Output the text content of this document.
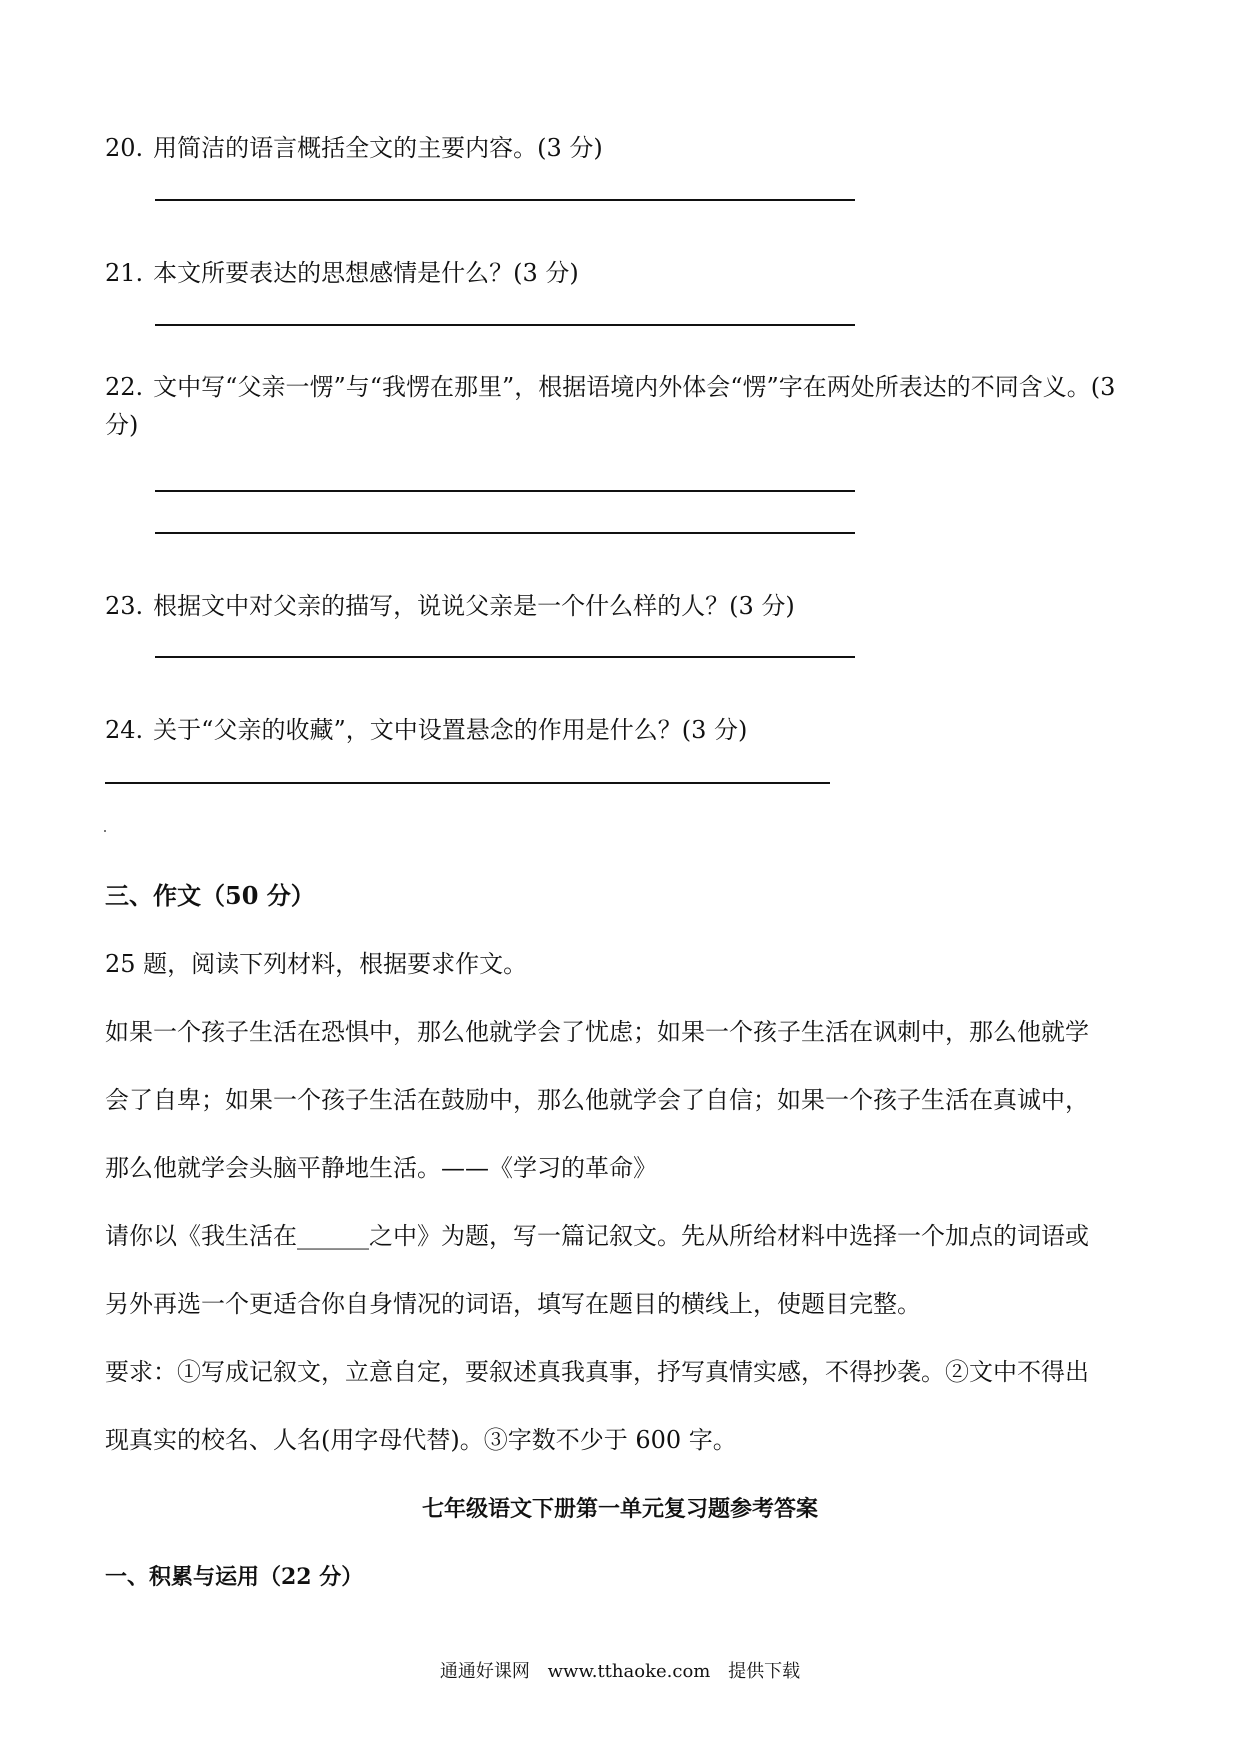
20. 用简洁的语言概括全文的主要内容。(3 分)
21. 本文所要表达的思想感情是什么？(3 分)
22. 文中写“父亲一愣”与“我愣在那里”，根据语境内外体会“愣”字在两处所表达的不同含义。(3 分)
23. 根据文中对父亲的描写，说说父亲是一个什么样的人？(3 分)
24. 关于“父亲的收藏”，文中设置悬念的作用是什么？(3 分)
三、作文（50 分）
25 题，阅读下列材料，根据要求作文。
如果一个孩子生活在恐惧中，那么他就学会了忧虑；如果一个孩子生活在讽刺中，那么他就学
会了自卑；如果一个孩子生活在鼓励中，那么他就学会了自信；如果一个孩子生活在真诚中，
那么他就学会头脑平静地生活。——《学习的革命》
请你以《我生活在______之中》为题，写一篇记叙文。先从所给材料中选择一个加点的词语或
另外再选一个更适合你自身情况的词语，填写在题目的横线上，使题目完整。
要求：①写成记叙文，立意自定，要叙述真我真事，抒写真情实感，不得抄袭。②文中不得出
现真实的校名、人名(用字母代替)。③字数不少于 600 字。
七年级语文下册第一单元复习题参考答案
一、积累与运用（22 分）
通通好课网 www.tthaoke.com 提供下载
